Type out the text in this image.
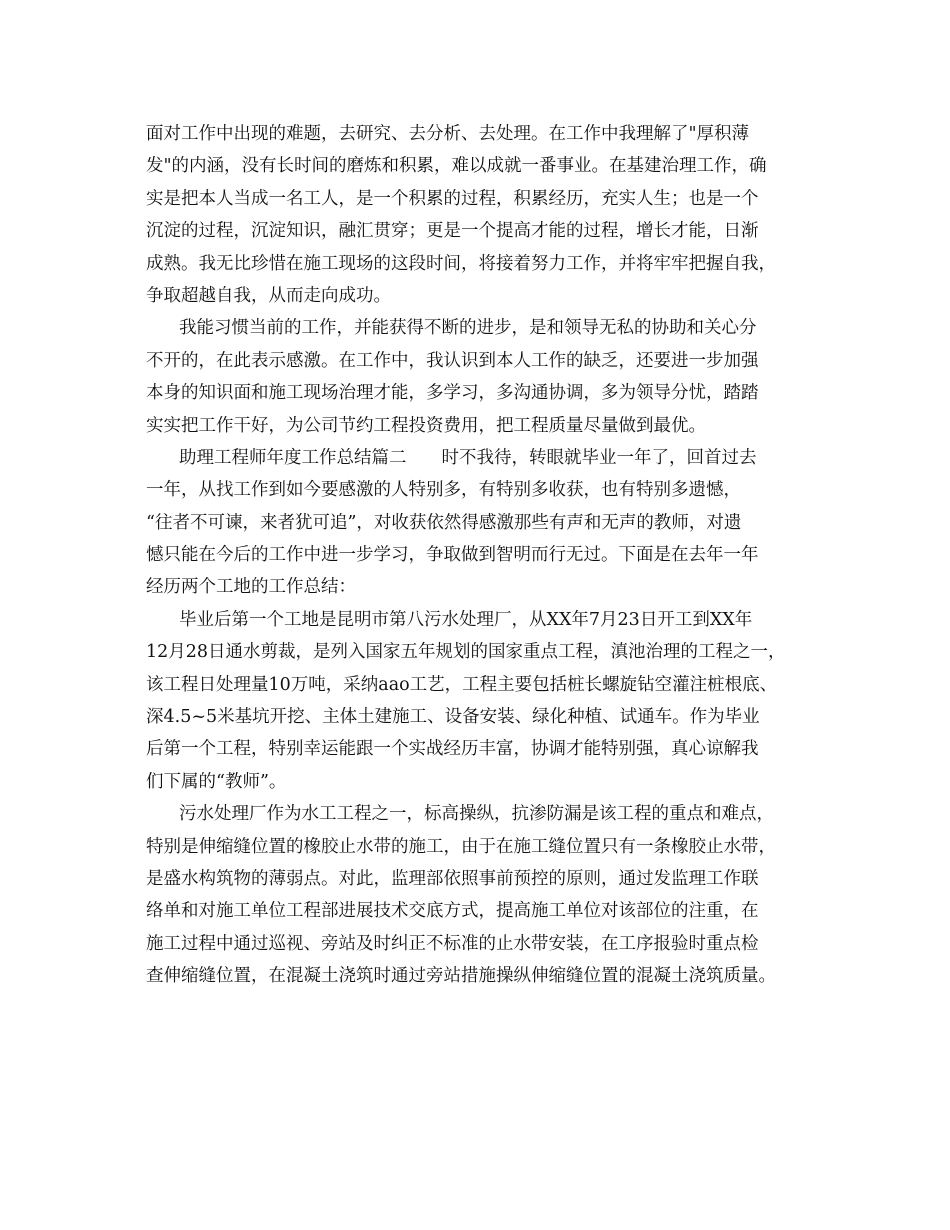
面对工作中出现的难题，去研究、去分析、去处理。在工作中我理解了"厚积薄
发"的内涵，没有长时间的磨炼和积累，难以成就一番事业。在基建治理工作，确
实是把本人当成一名工人，是一个积累的过程，积累经历，充实人生；也是一个
沉淀的过程，沉淀知识，融汇贯穿；更是一个提高才能的过程，增长才能，日渐
成熟。我无比珍惜在施工现场的这段时间，将接着努力工作，并将牢牢把握自我，
争取超越自我，从而走向成功。
我能习惯当前的工作，并能获得不断的进步，是和领导无私的协助和关心分
不开的，在此表示感激。在工作中，我认识到本人工作的缺乏，还要进一步加强
本身的知识面和施工现场治理才能，多学习，多沟通协调，多为领导分忧，踏踏
实实把工作干好，为公司节约工程投资费用，把工程质量尽量做到最优。
助理工程师年度工作总结篇二　　时不我待，转眼就毕业一年了，回首过去
一年，从找工作到如今要感激的人特别多，有特别多收获，也有特别多遗憾，
“往者不可谏，来者犹可追”，对收获依然得感激那些有声和无声的教师，对遗
憾只能在今后的工作中进一步学习，争取做到智明而行无过。下面是在去年一年
经历两个工地的工作总结：
毕业后第一个工地是昆明市第八污水处理厂，从XX年7月23日开工到XX年
12月28日通水剪裁，是列入国家五年规划的国家重点工程，滇池治理的工程之一，
该工程日处理量10万吨，采纳aao工艺，工程主要包括桩长螺旋钻空灌注桩根底、
深4.5~5米基坑开挖、主体土建施工、设备安装、绿化种植、试通车。作为毕业
后第一个工程，特别幸运能跟一个实战经历丰富，协调才能特别强，真心谅解我
们下属的“教师”。
污水处理厂作为水工工程之一，标高操纵，抗渗防漏是该工程的重点和难点，
特别是伸缩缝位置的橡胶止水带的施工，由于在施工缝位置只有一条橡胶止水带，
是盛水构筑物的薄弱点。对此，监理部依照事前预控的原则，通过发监理工作联
络单和对施工单位工程部进展技术交底方式，提高施工单位对该部位的注重，在
施工过程中通过巡视、旁站及时纠正不标准的止水带安装，在工序报验时重点检
查伸缩缝位置，在混凝土浇筑时通过旁站措施操纵伸缩缝位置的混凝土浇筑质量。
